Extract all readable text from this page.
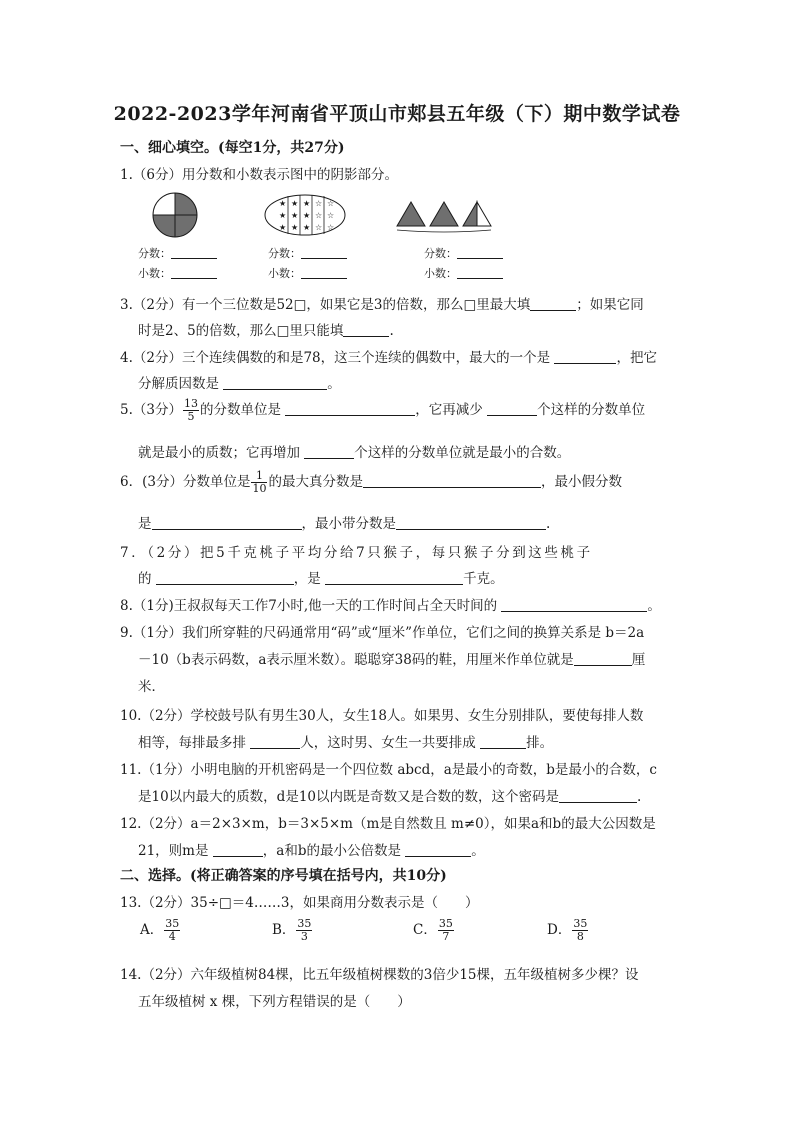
2022-2023学年河南省平顶山市郏县五年级（下）期中数学试卷
一、细心填空。(每空1分，共27分)
1.（6分）用分数和小数表示图中的阴影部分。
★ ★ ★ ☆ ☆
★ ★ ★ ☆ ☆
★ ★ ★ ☆ ☆
分数：
小数：
分数：
小数：
分数：
小数：
3.（2分）有一个三位数是52□，如果它是3的倍数，那么□里最大填	；如果它同
时是2、5的倍数，那么□里只能填	.
4.（2分）三个连续偶数的和是78，这三个连续的偶数中，最大的一个是	，把它
分解质因数是	。
5.（3分） $\frac{13}{5}$ 的分数单位是	，它再减少	个这样的分数单位
就是最小的质数；它再增加	个这样的分数单位就是最小的合数。
6．(3分）分数单位是 $\frac{1}{10}$ 的最大真分数是	，最小假分数
是	，最小带分数是	.
7．（2分）把5千克桃子平均分给7只猴子，每只猴子分到这些桃子
的	，是	千克。
8.（1分)王叔叔每天工作7小时,他一天的工作时间占全天时间的	。
9.（1分）我们所穿鞋的尺码通常用“码”或“厘米”作单位，它们之间的换算关系是 b＝2a
－10（b表示码数，a表示厘米数）。聪聪穿38码的鞋，用厘米作单位就是	厘
米．
10.（2分）学校鼓号队有男生30人，女生18人。如果男、女生分别排队，要使每排人数
相等，每排最多排	人，这时男、女生一共要排成	排。
11.（1分）小明电脑的开机密码是一个四位数 abcd，a是最小的奇数，b是最小的合数，c
是10以内最大的质数，d是10以内既是奇数又是合数的数，这个密码是	.
12.（2分）a＝2×3×m，b＝3×5×m（m是自然数且 m≠0），如果a和b的最大公因数是
21，则m是	，a和b的最小公倍数是	。
二、选择。(将正确答案的序号填在括号内，共10分)
13.（2分）35÷□＝4……3，如果商用分数表示是（　　）
A． $\frac{35}{4}$	B． $\frac{35}{3}$	C． $\frac{35}{7}$	D． $\frac{35}{8}$
14.（2分）六年级植树84棵，比五年级植树棵数的3倍少15棵，五年级植树多少棵？设
五年级植树 x 棵，下列方程错误的是（　　）
